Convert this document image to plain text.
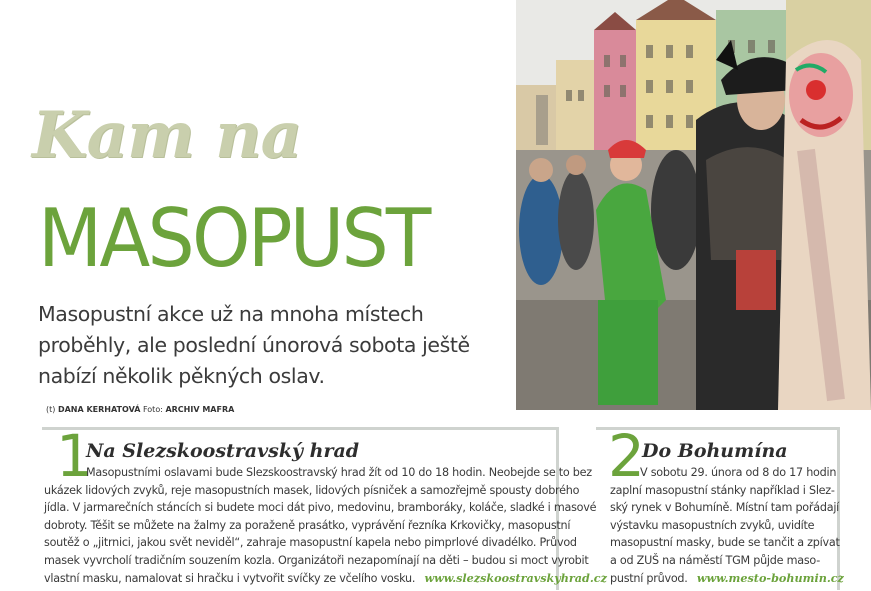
Kam na
MASOPUST
Masopustní akce už na mnoha místech
proběhly, ale poslední únorová sobota ještě
nabízí několik pěkných oslav.
(t) DANA KERHATOVÁ Foto: ARCHIV MAFRA
1
Na Slezskoostravský hrad
Masopustními oslavami bude Slezskoostravský hrad žít od 10 do 18 hodin. Neobejde se to bez
ukázek lidových zvyků, reje masopustních masek, lidových písniček a samozřejmě spousty dobrého
jídla. V jarmarečních stáncích si budete moci dát pivo, medovinu, bramboráky, koláče, sladké i masové
dobroty. Těšit se můžete na žalmy za poraženě prasátko, vyprávění řezníka Krkovičky, masopustní
soutěž o „jitrnici, jakou svět neviděl“, zahraje masopustní kapela nebo pimprlové divadélko. Průvod
masek vyvrcholí tradičním souzením kozla. Organizátoři nezapomínají na děti – budou si moct vyrobit
vlastní masku, namalovat si hračku i vytvořit svíčky ze včelího vosku. www.slezskoostravskyhrad.cz
2
Do Bohumína
V sobotu 29. února od 8 do 17 hodin
zaplní masopustní stánky například i Slez-
ský rynek v Bohumíně. Místní tam pořádají
výstavku masopustních zvyků, uvidíte
masopustní masky, bude se tančit a zpívat
a od ZUŠ na náměstí TGM půjde maso-
pustní průvod. www.mesto-bohumin.cz
